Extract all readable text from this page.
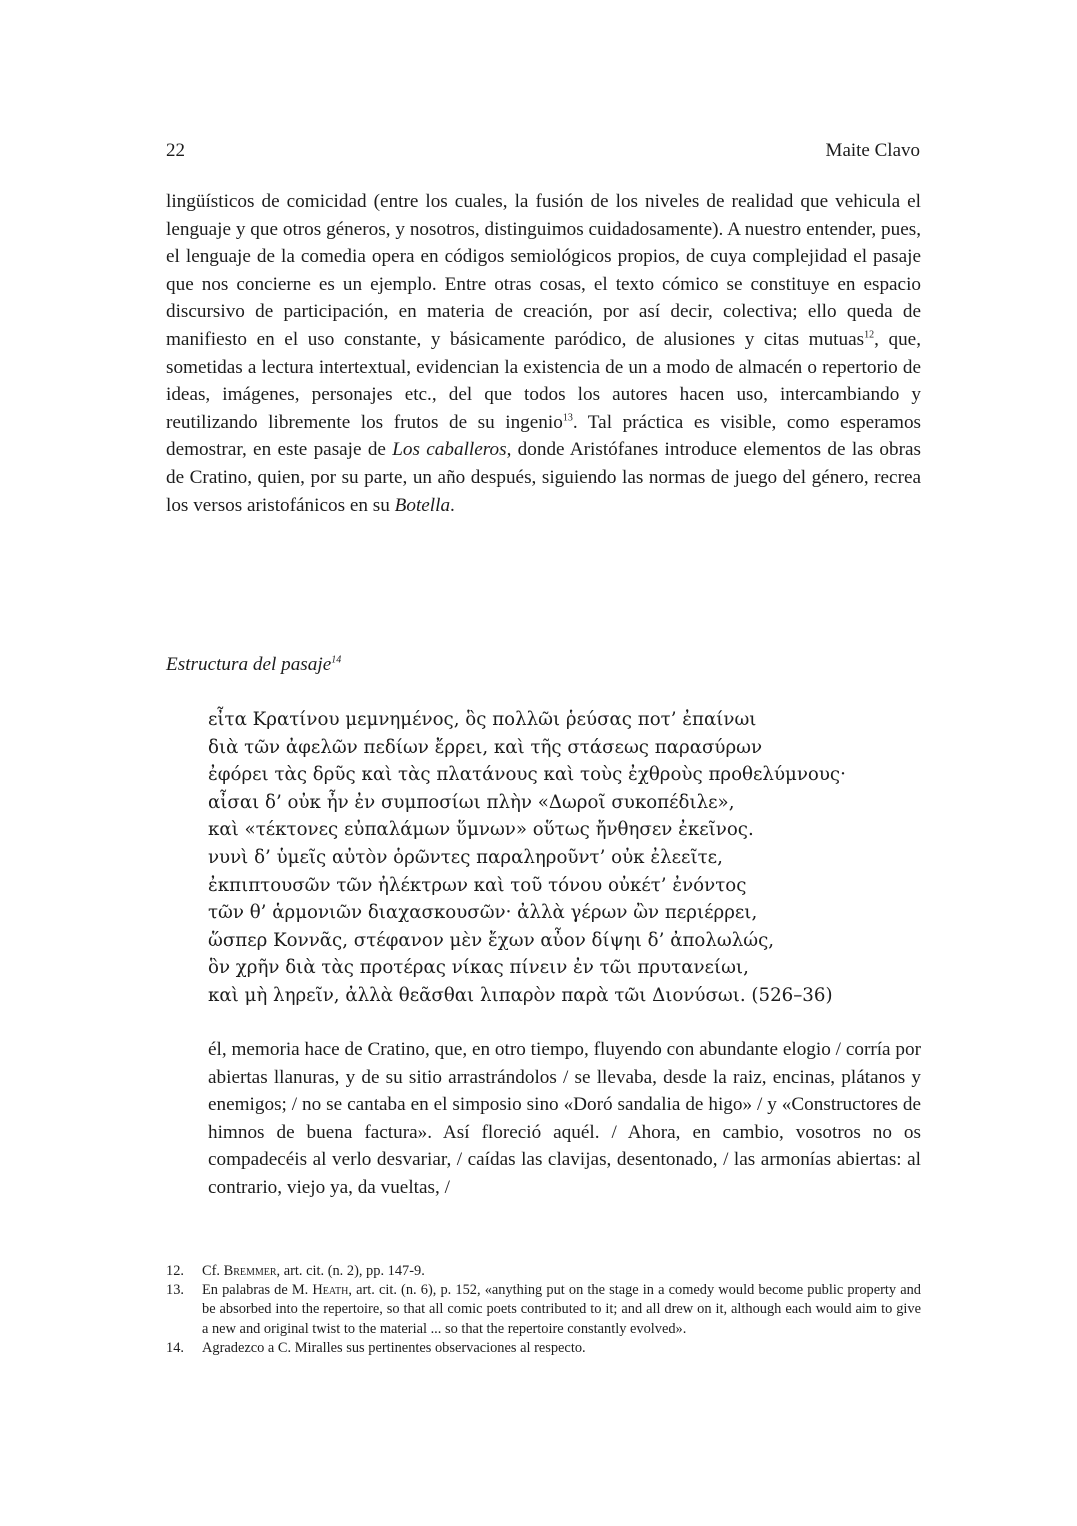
22	Maite Clavo

lingüísticos de comicidad (entre los cuales, la fusión de los niveles de realidad que vehicula el lenguaje y que otros géneros, y nosotros, distinguimos cuidadosamente). A nuestro entender, pues, el lenguaje de la comedia opera en códigos semiológicos propios, de cuya complejidad el pasaje que nos concierne es un ejemplo. Entre otras cosas, el texto cómico se constituye en espacio discursivo de participación, en materia de creación, por así decir, colectiva; ello queda de manifiesto en el uso constante, y básicamente paródico, de alusiones y citas mutuas$^{12}$, que, sometidas a lectura intertextual, evidencian la existencia de un a modo de almacén o repertorio de ideas, imágenes, personajes etc., del que todos los autores hacen uso, intercambiando y reutilizando libremente los frutos de su ingenio$^{13}$. Tal práctica es visible, como esperamos demostrar, en este pasaje de Los caballeros, donde Aristófanes introduce elementos de las obras de Cratino, quien, por su parte, un año después, siguiendo las normas de juego del género, recrea los versos aristofánicos en su Botella.

Estructura del pasaje$^{14}$
εἶτα Κρατίνου μεμνημένος, ὃς πολλῶι ῥεύσας ποτ’ ἐπαίνωι
διὰ τῶν ἀφελῶν πεδίων ἔρρει, καὶ τῆς στάσεως παρασύρων
ἐφόρει τὰς δρῦς καὶ τὰς πλατάνους καὶ τοὺς ἐχθροὺς προθελύμνους·
αἶσαι δ’ οὐκ ἦν ἐν συμποσίωι πλὴν «Δωροῖ συκοπέδιλε»,
καὶ «τέκτονες εὐπαλάμων ὕμνων» οὕτως ἤνθησεν ἐκεῖνος.
νυνὶ δ’ ὑμεῖς αὐτὸν ὁρῶντες παραληροῦντ’ οὐκ ἐλεεῖτε,
ἐκπιπτουσῶν τῶν ἠλέκτρων καὶ τοῦ τόνου οὐκέτ’ ἐνόντος
τῶν θ’ ἁρμονιῶν διαχασκουσῶν· ἀλλὰ γέρων ὢν περιέρρει,
ὥσπερ Κοννᾶς, στέφανον μὲν ἔχων αὖον δίψηι δ’ ἀπολωλώς,
ὃν χρῆν διὰ τὰς προτέρας νίκας πίνειν ἐν τῶι πρυτανείωι,
καὶ μὴ ληρεῖν, ἀλλὰ θεᾶσθαι λιπαρὸν παρὰ τῶι Διονύσωι. (526–36)

él, memoria hace de Cratino, que, en otro tiempo, fluyendo con abundante elogio / corría por abiertas llanuras, y de su sitio arrastrándolos / se llevaba, desde la raiz, encinas, plátanos y enemigos; / no se cantaba en el simposio sino «Doró sandalia de higo» / y «Constructores de himnos de buena factura». Así floreció aquél. / Ahora, en cambio, vosotros no os compadecéis al verlo desvariar, / caídas las clavijas, desentonado, / las armonías abiertas: al contrario, viejo ya, da vueltas, /

12. Cf. Bremmer, art. cit. (n. 2), pp. 147-9.
13. En palabras de M. Heath, art. cit. (n. 6), p. 152, «anything put on the stage in a comedy would become public property and be absorbed into the repertoire, so that all comic poets contributed to it; and all drew on it, although each would aim to give a new and original twist to the material ... so that the repertoire constantly evolved».
14. Agradezco a C. Miralles sus pertinentes observaciones al respecto.
